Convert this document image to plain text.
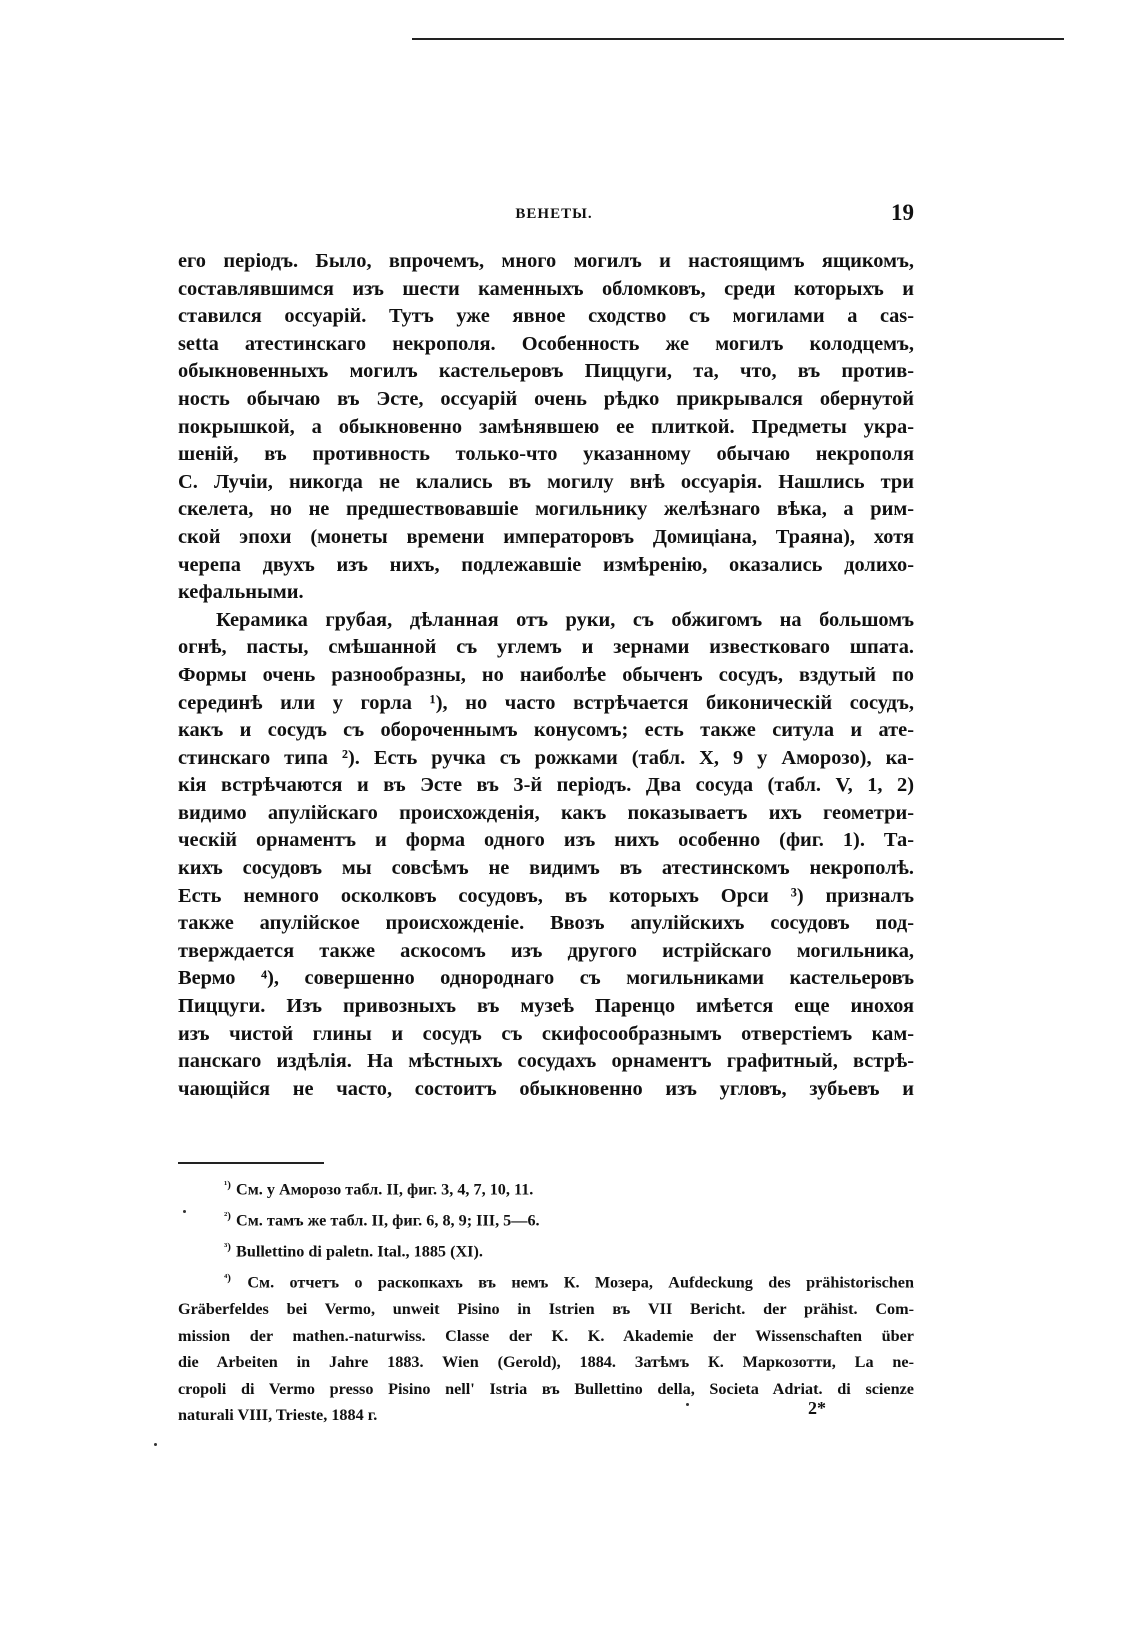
ВЕНЕТЫ.	19
его періодъ. Было, впрочемъ, много могилъ и настоящимъ ящикомъ,
составлявшимся изъ шести каменныхъ обломковъ, среди которыхъ и
ставился оссуарій. Тутъ уже явное сходство съ могилами a cas-
setta атестинскаго некрополя. Особенность же могилъ колодцемъ,
обыкновенныхъ могилъ кастельеровъ Пиццуги, та, что, въ против-
ность обычаю въ Эсте, оссуарій очень рѣдко прикрывался обернутой
покрышкой, а обыкновенно замѣнявшею ее плиткой. Предметы укра-
шеній, въ противность только-что указанному обычаю некрополя
С. Лучіи, никогда не клались въ могилу внѣ оссуарія. Нашлись три
скелета, но не предшествовавшіе могильнику желѣзнаго вѣка, а рим-
ской эпохи (монеты времени императоровъ Домиціана, Траяна), хотя
черепа двухъ изъ нихъ, подлежавшіе измѣренію, оказались долихо-
кефальными.
Керамика грубая, дѣланная отъ руки, съ обжигомъ на большомъ
огнѣ, пасты, смѣшанной съ углемъ и зернами известковаго шпата.
Формы очень разнообразны, но наиболѣе обыченъ сосудъ, вздутый по
серединѣ или у горла ¹), но часто встрѣчается биконическій сосудъ,
какъ и сосудъ съ обороченнымъ конусомъ; есть также ситула и ате-
стинскаго типа ²). Есть ручка съ рожками (табл. X, 9 у Аморозо), ка-
кія встрѣчаются и въ Эсте въ 3-й періодъ. Два сосуда (табл. V, 1, 2)
видимо апулійскаго происхожденія, какъ показываетъ ихъ геометри-
ческій орнаментъ и форма одного изъ нихъ особенно (фиг. 1). Та-
кихъ сосудовъ мы совсѣмъ не видимъ въ атестинскомъ некрополѣ.
Есть немного осколковъ сосудовъ, въ которыхъ Орси ³) призналъ
также апулійское происхожденіе. Ввозъ апулійскихъ сосудовъ под-
тверждается также аскосомъ изъ другого истрійскаго могильника,
Вермо ⁴), совершенно однороднаго съ могильниками кастельеровъ
Пиццуги. Изъ привозныхъ въ музеѣ Паренцо имѣется еще инохоя
изъ чистой глины и сосудъ съ скифосообразнымъ отверстіемъ кам-
панскаго издѣлія. На мѣстныхъ сосудахъ орнаментъ графитный, встрѣ-
чающійся не часто, состоитъ обыкновенно изъ угловъ, зубьевъ и
$^{^1)}$ См. у Аморозо табл. II, фиг. 3, 4, 7, 10, 11.
$^{^2)}$ См. тамъ же табл. II, фиг. 6, 8, 9; III, 5—6.
$^{^3)}$ Bullettino di paletn. Ital., 1885 (XI).
$^{^4)}$ См. отчетъ о раскопкахъ въ немъ К. Мозера, Aufdeckung des prähistorischen
Gräberfeldes bei Vermo, unweit Pisino in Istrien въ VII Bericht. der prähist. Com-
mission der mathen.-naturwiss. Classe der K. K. Akademie der Wissenschaften über
die Arbeiten in Jahre 1883. Wien (Gerold), 1884. Затѣмъ К. Маркозотти, La ne-
cropoli di Vermo presso Pisino nell' Istria въ Bullettino della, Societa Adriat. di scienze
naturali VIII, Trieste, 1884 г.	2*
